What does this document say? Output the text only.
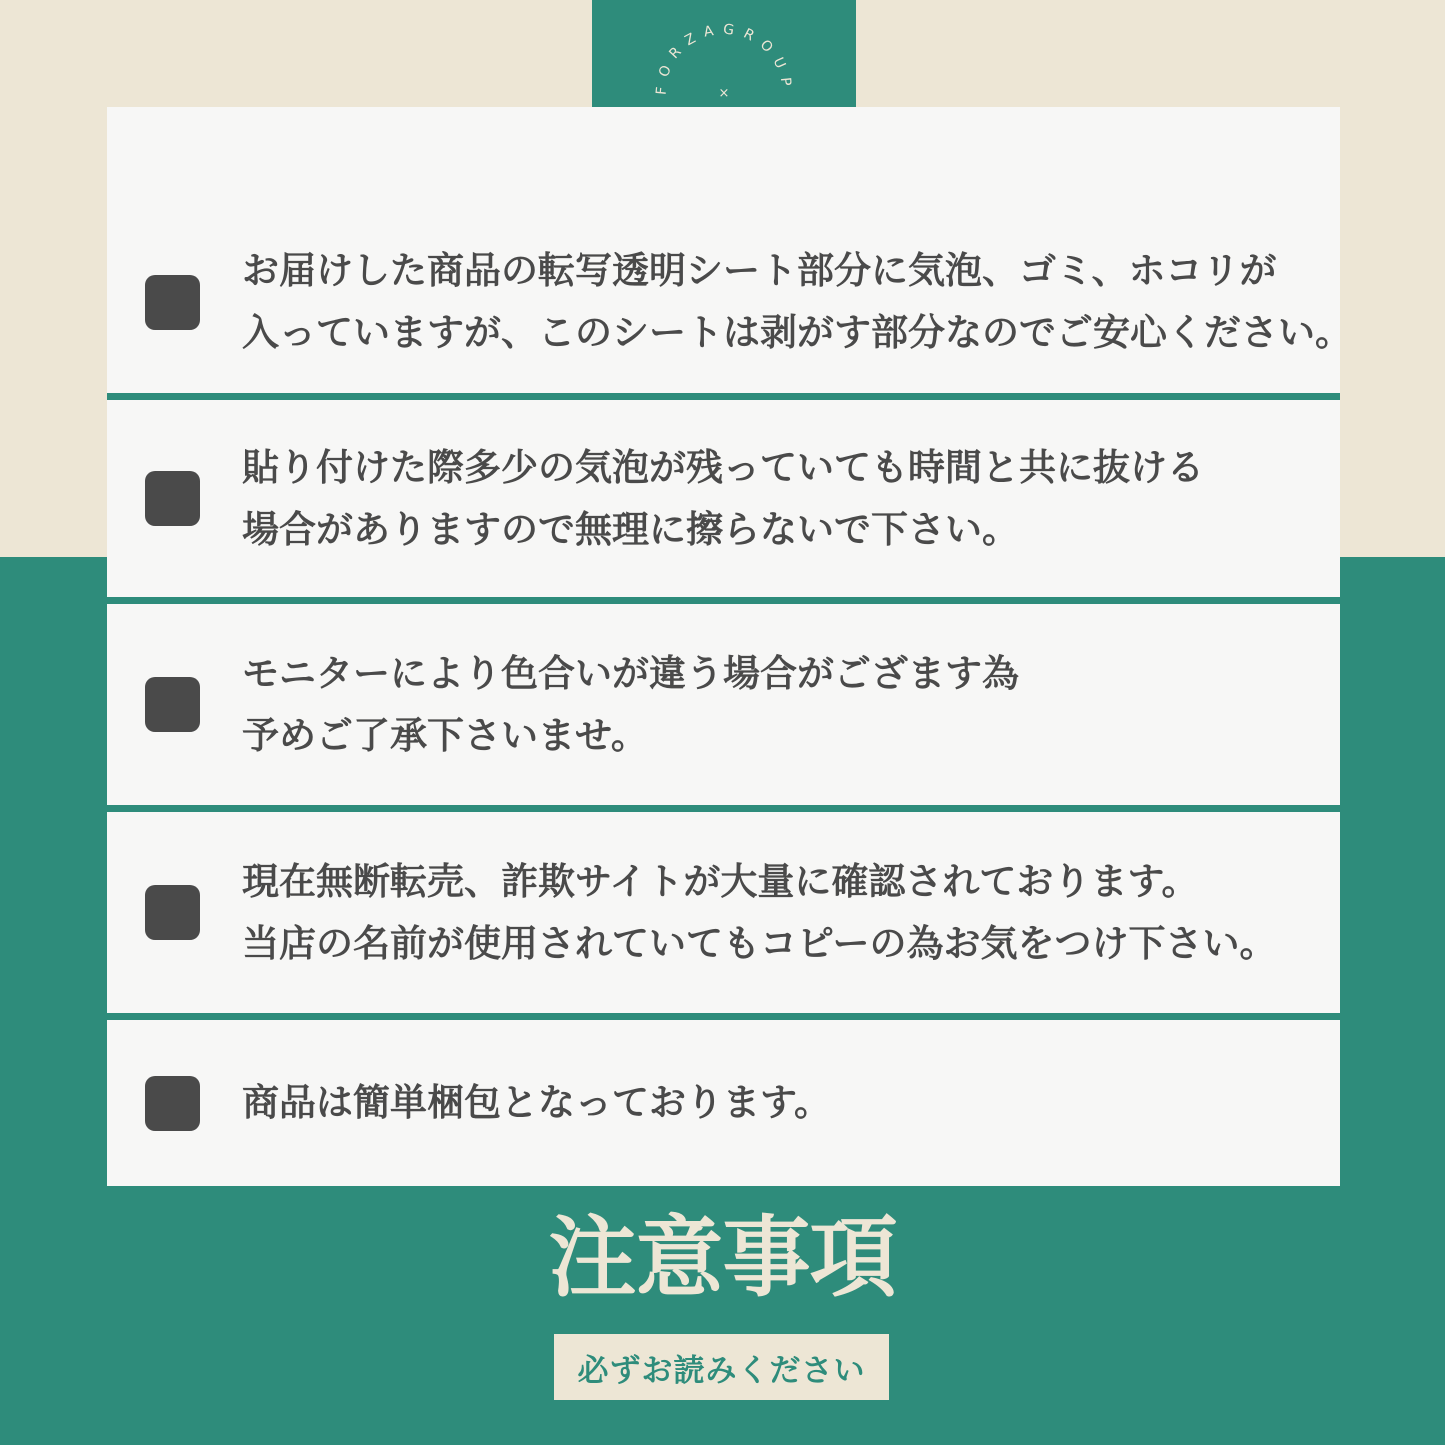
FORZAGROUP
×
お届けした商品の転写透明シート部分に気泡、ゴミ、ホコリが
入っていますが、このシートは剥がす部分なのでご安心ください。
貼り付けた際多少の気泡が残っていても時間と共に抜ける
場合がありますので無理に擦らないで下さい。
モニターにより色合いが違う場合がござます為
予めご了承下さいませ。
現在無断転売、詐欺サイトが大量に確認されております。
当店の名前が使用されていてもコピーの為お気をつけ下さい。
商品は簡単梱包となっております。
注意事項
必ずお読みください
